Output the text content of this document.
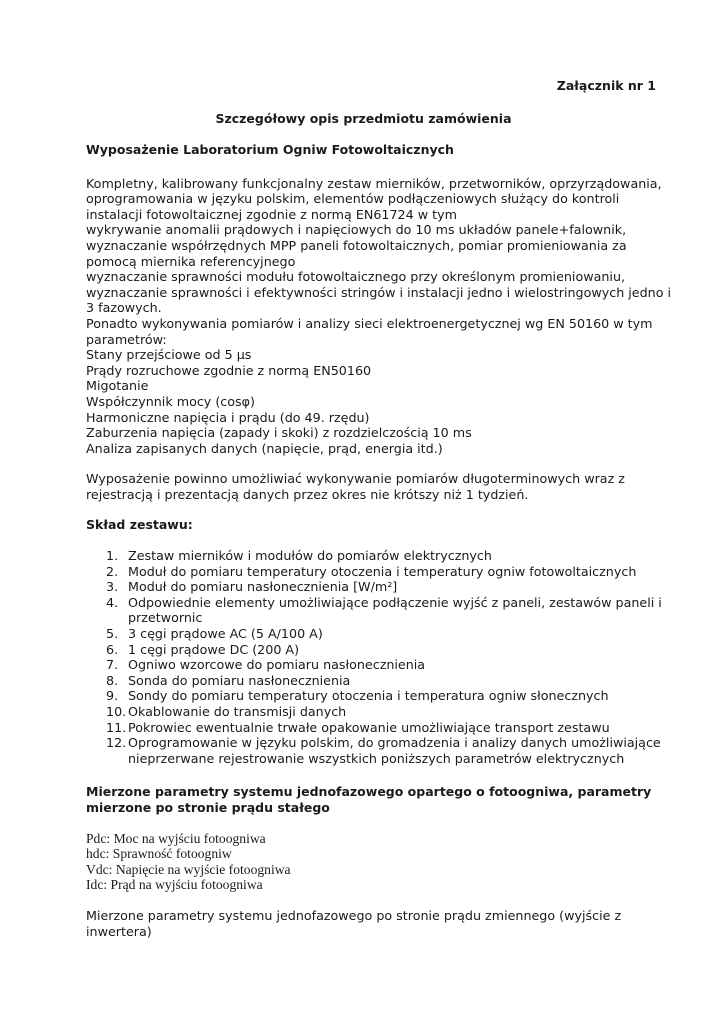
Załącznik nr 1
Szczegółowy opis przedmiotu zamówienia

Wyposażenie Laboratorium Ogniw Fotowoltaicznych

Kompletny, kalibrowany funkcjonalny zestaw mierników, przetworników, oprzyrządowania,
oprogramowania w języku polskim, elementów podłączeniowych służący do kontroli
instalacji fotowoltaicznej zgodnie z normą EN61724 w tym
wykrywanie anomalii prądowych i napięciowych do 10 ms układów panele+falownik,
wyznaczanie współrzędnych MPP paneli fotowoltaicznych, pomiar promieniowania za
pomocą miernika referencyjnego
wyznaczanie sprawności modułu fotowoltaicznego przy określonym promieniowaniu,
wyznaczanie sprawności i efektywności stringów i instalacji jedno i wielostringowych jedno i
3 fazowych.
Ponadto wykonywania pomiarów i analizy sieci elektroenergetycznej wg EN 50160 w tym
parametrów:
Stany przejściowe od 5 μs
Prądy rozruchowe zgodnie z normą EN50160
Migotanie
Współczynnik mocy (cosφ)
Harmoniczne napięcia i prądu (do 49. rzędu)
Zaburzenia napięcia (zapady i skoki) z rozdzielczością 10 ms
Analiza zapisanych danych (napięcie, prąd, energia itd.)
Wyposażenie powinno umożliwiać wykonywanie pomiarów długoterminowych wraz z
rejestracją i prezentacją danych przez okres nie krótszy niż 1 tydzień.

Skład zestawu:

1. Zestaw mierników i modułów do pomiarów elektrycznych
2. Moduł do pomiaru temperatury otoczenia i temperatury ogniw fotowoltaicznych
3. Moduł do pomiaru nasłonecznienia [W/m²]
4. Odpowiednie elementy umożliwiające podłączenie wyjść z paneli, zestawów paneli i
przetwornic
5. 3 cęgi prądowe AC (5 A/100 A)
6. 1 cęgi prądowe DC (200 A)
7. Ogniwo wzorcowe do pomiaru nasłonecznienia
8. Sonda do pomiaru nasłonecznienia
9. Sondy do pomiaru temperatury otoczenia i temperatura ogniw słonecznych
10. Okablowanie do transmisji danych
11. Pokrowiec ewentualnie trwałe opakowanie umożliwiające transport zestawu
12. Oprogramowanie w języku polskim, do gromadzenia i analizy danych umożliwiające
nieprzerwane rejestrowanie wszystkich poniższych parametrów elektrycznych
Mierzone parametry systemu jednofazowego opartego o fotoogniwa, parametry
mierzone po stronie prądu stałego
Pdc: Moc na wyjściu fotoogniwa
hdc: Sprawność fotoogniw
Vdc: Napięcie na wyjście fotoogniwa
Idc: Prąd na wyjściu fotoogniwa
Mierzone parametry systemu jednofazowego po stronie prądu zmiennego (wyjście z
inwertera)
